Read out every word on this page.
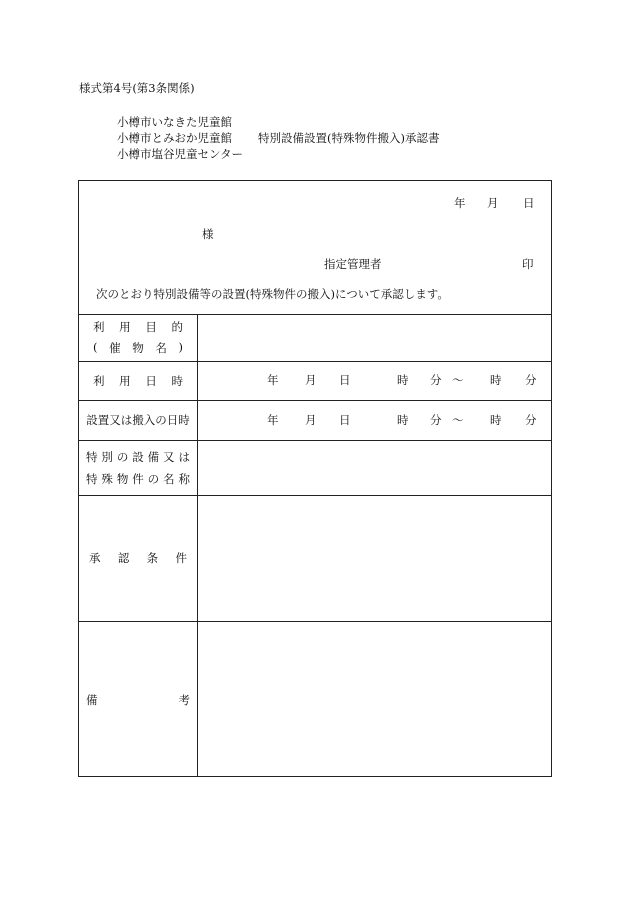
様式第4号(第3条関係)
小樽市いなきた児童館
小樽市とみおか児童館
小樽市塩谷児童センター
特別設備設置(特殊物件搬入)承認書
年 月 日
様
指定管理者	印
次のとおり特別設備等の設置(特殊物件の搬入)について承認します。
利 用 目 的
( 催 物 名 )
利 用 日 時	年 月 日	時 分 〜 時 分
設置又は搬入の日時	年 月 日	時 分 〜 時 分
特 別 の 設 備 又 は
特 殊 物 件 の 名 称
承 認 条 件
備	考
